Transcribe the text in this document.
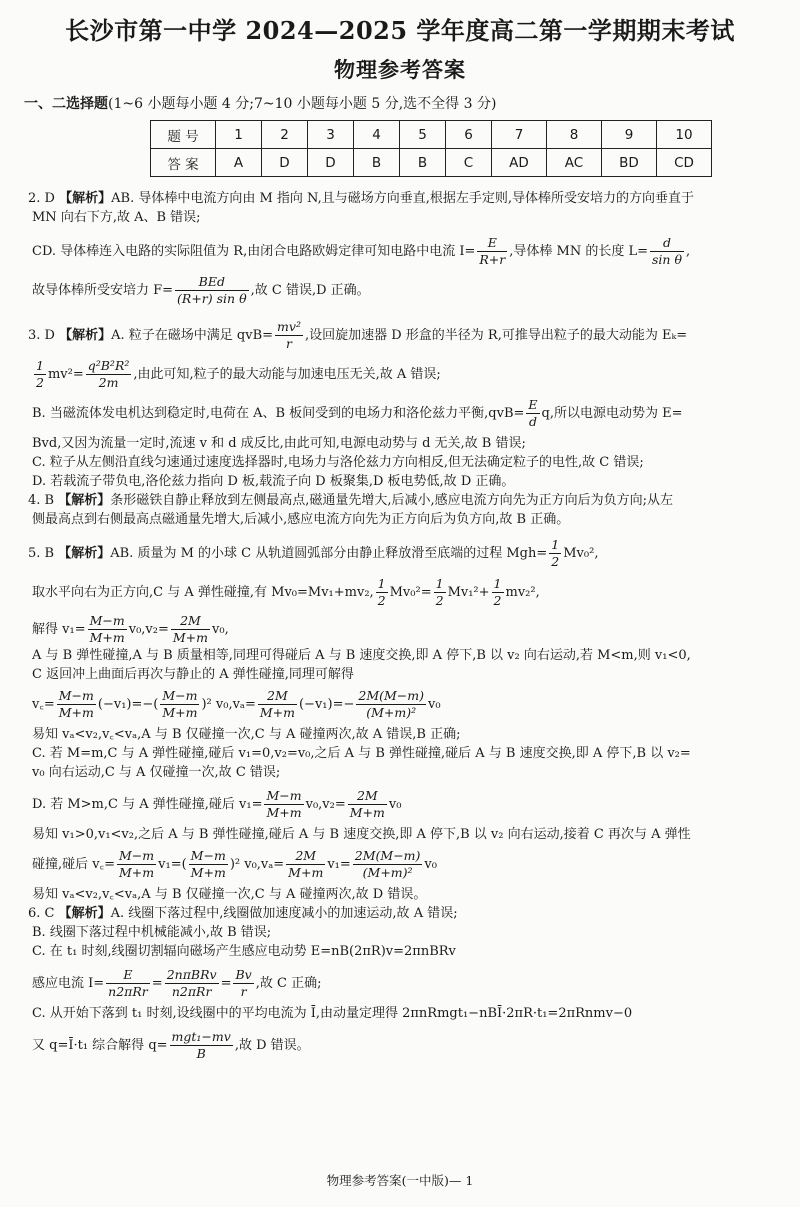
长沙市第一中学 2024—2025 学年度高二第一学期期末考试
物理参考答案
一、二选择题(1~6 小题每小题 4 分;7~10 小题每小题 5 分,选不全得 3 分)
题 号	1	2	3	4	5	6	7	8	9	10
答 案	A	D	D	B	B	C	AD	AC	BD	CD
2. D 【解析】AB. 导体棒中电流方向由 M 指向 N,且与磁场方向垂直,根据左手定则,导体棒所受安培力的方向垂直于
MN 向右下方,故 A、B 错误;
CD. 导体棒连入电路的实际阻值为 R,由闭合电路欧姆定律可知电路中电流 $I= \frac{E}{R+r}$ ,导体棒 MN 的长度 $L= \frac{d}{\text{sin θ}}$ ,
故导体棒所受安培力 $F= \frac{\text{BEd}}{\text{(R+r) sin θ}}$ ,故 C 错误,D 正确。
3. D 【解析】A. 粒子在磁场中满足 $qvB= \frac{\text{mv²}}{r}$ ,设回旋加速器 D 形盒的半径为 R,可推导出粒子的最大动能为 Eₖ=
$\frac{1}{2} mv^2= \frac{\text{q²B²R²}}{2m}$ ,由此可知,粒子的最大动能与加速电压无关,故 A 错误;
B. 当磁流体发电机达到稳定时,电荷在 A、B 板间受到的电场力和洛伦兹力平衡$,qvB= \frac{E}{d} q$,所以电源电动势为 E=
Bvd,又因为流量一定时,流速 v 和 d 成反比,由此可知,电源电动势与 d 无关,故 B 错误;
C. 粒子从左侧沿直线匀速通过速度选择器时,电场力与洛伦兹力方向相反,但无法确定粒子的电性,故 C 错误;
D. 若载流子带负电,洛伦兹力指向 D 板,载流子向 D 板聚集,D 板电势低,故 D 正确。
4. B 【解析】条形磁铁自静止释放到左侧最高点,磁通量先增大,后减小,感应电流方向先为正方向后为负方向;从左
侧最高点到右侧最高点磁通量先增大,后减小,感应电流方向先为正方向后为负方向,故 B 正确。
5. B 【解析】AB. 质量为 M 的小球 C 从轨道圆弧部分由静止释放滑至底端的过程 $Mgh= \frac{1}{2} Mv_0^2$,
取水平向右为正方向,C 与 A 弹性碰撞,有 Mv₀=Mv₁+mv₂, $\frac{1}{2} Mv_0^2= \frac{1}{2} Mv_1^2+ \frac{1}{2} mv_2^2$,
解得 $v_1= \frac{M-m}{M+m} v_0,v_2= \frac{2M}{M+m} v_0$,
A 与 B 弹性碰撞,A 与 B 质量相等,同理可得碰后 A 与 B 速度交换,即 A 停下,B 以 v₂ 向右运动,若 M<m,则 v₁<0,
C 返回冲上曲面后再次与静止的 A 弹性碰撞,同理可解得
v꜀= $\frac{M-m}{M+m} (-v_1)=-( \frac{M-m}{M+m} )^2$ $v_0,v_a= \frac{2M}{M+m} (-v_1)=- \frac{2M(M-m)}{\text{(M+m)²}} v_0$
易知 vₐ<v₂,v꜀<vₐ,A 与 B 仅碰撞一次,C 与 A 碰撞两次,故 A 错误,B 正确;
C. 若 M=m,C 与 A 弹性碰撞,碰后 v₁=0,v₂=v₀,之后 A 与 B 弹性碰撞,碰后 A 与 B 速度交换,即 A 停下,B 以 v₂=
v₀ 向右运动,C 与 A 仅碰撞一次,故 C 错误;
D. 若 M>m,C 与 A 弹性碰撞,碰后 $v_1= \frac{M-m}{M+m} v_0,v_2= \frac{2M}{M+m} v_0$
易知 v₁>0,v₁<v₂,之后 A 与 B 弹性碰撞,碰后 A 与 B 速度交换,即 A 停下,B 以 v₂ 向右运动,接着 C 再次与 A 弹性
碰撞,碰后 v꜀= $\frac{M-m}{M+m} v_1=( \frac{M-m}{M+m} )^2$ $v_0,v_a= \frac{2M}{M+m} v_1= \frac{2M(M-m)}{\text{(M+m)²}} v_0$
易知 vₐ<v₂,v꜀<vₐ,A 与 B 仅碰撞一次,C 与 A 碰撞两次,故 D 错误。
6. C 【解析】A. 线圈下落过程中,线圈做加速度减小的加速运动,故 A 错误;
B. 线圈下落过程中机械能减小,故 B 错误;
C. 在 t₁ 时刻,线圈切割辐向磁场产生感应电动势 E=nB(2πR)v=2πnBRv
感应电流 $I= \frac{E}{\text{n2πRr}} = \frac{\text{2nπBRv}}{\text{n2πRr}} = \frac{Bv}{r}$ ,故 C 正确;
C. 从开始下落到 t₁ 时刻,设线圈中的平均电流为 Ī,由动量定理得 2πnRmgt₁−nBĪ·2πR·t₁=2πRnmv−0
又 q=Ī·t₁ 综合解得 $q= \frac{\text{mgt₁−mv}}{B}$ ,故 D 错误。
物理参考答案(一中版)— 1
